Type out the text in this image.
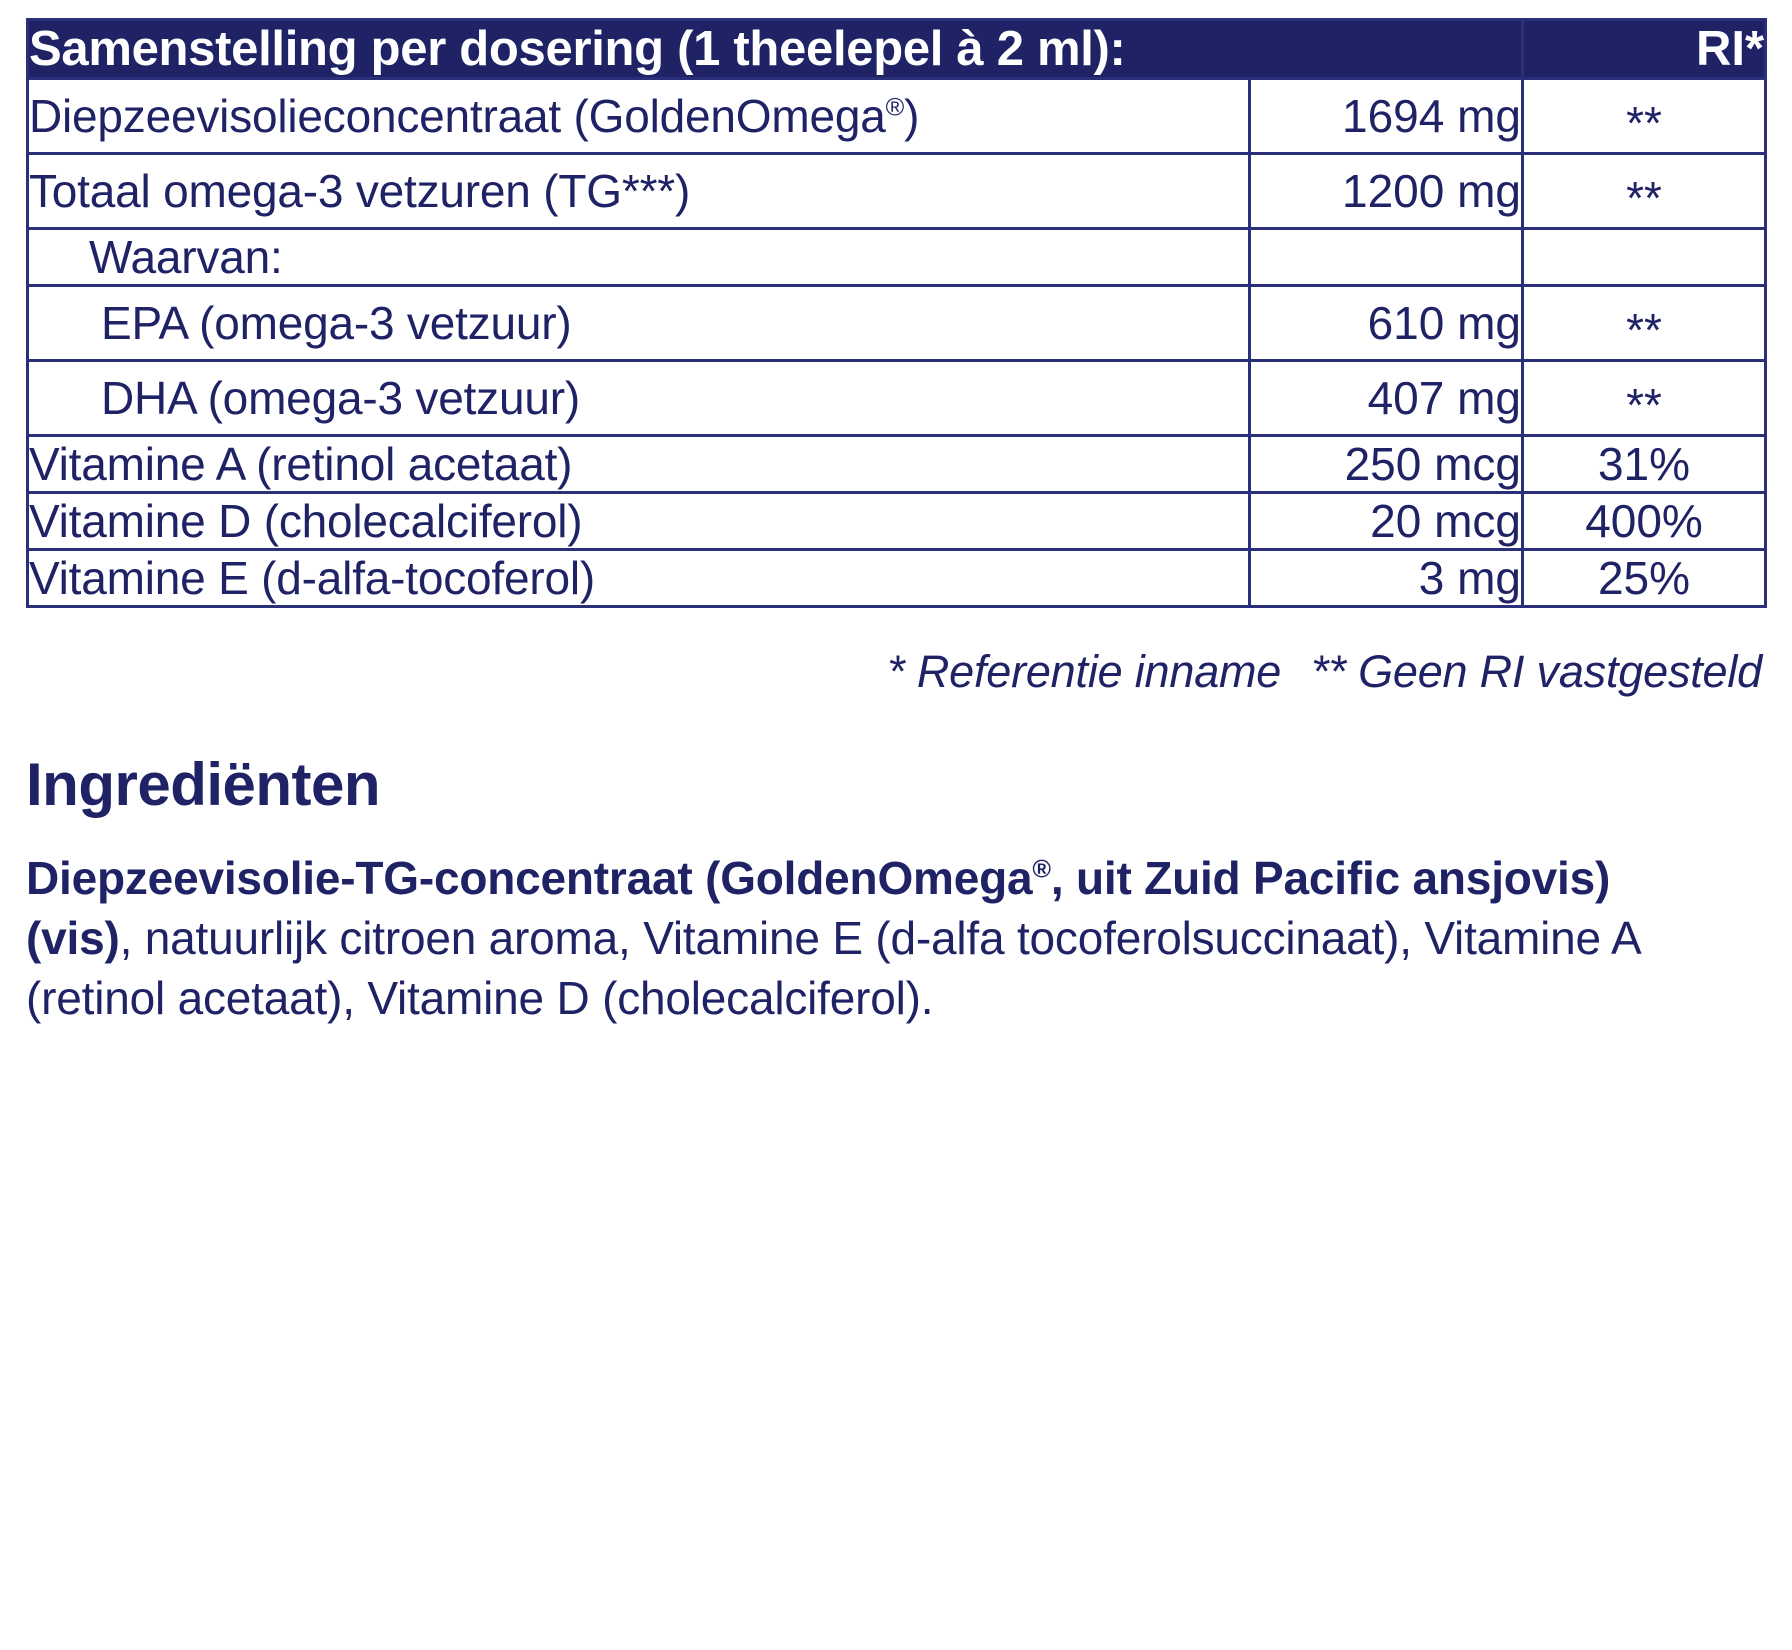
Samenstelling per dosering (1 theelepel à 2 ml):		RI*
Diepzeevisolieconcentraat (GoldenOmega®)	1694 mg	**
Totaal omega-3 vetzuren (TG***)	1200 mg	**
Waarvan:		
EPA (omega-3 vetzuur)	610 mg	**
DHA (omega-3 vetzuur)	407 mg	**
Vitamine A (retinol acetaat)	250 mcg	31%
Vitamine D (cholecalciferol)	20 mcg	400%
Vitamine E (d-alfa-tocoferol)	3 mg	25%
* Referentie inname ** Geen RI vastgesteld
Ingrediënten

Diepzeevisolie-TG-concentraat (GoldenOmega®, uit Zuid Pacific ansjovis) (vis), natuurlijk citroen aroma, Vitamine E (d-alfa tocoferolsuccinaat), Vitamine A (retinol acetaat), Vitamine D (cholecalciferol).
